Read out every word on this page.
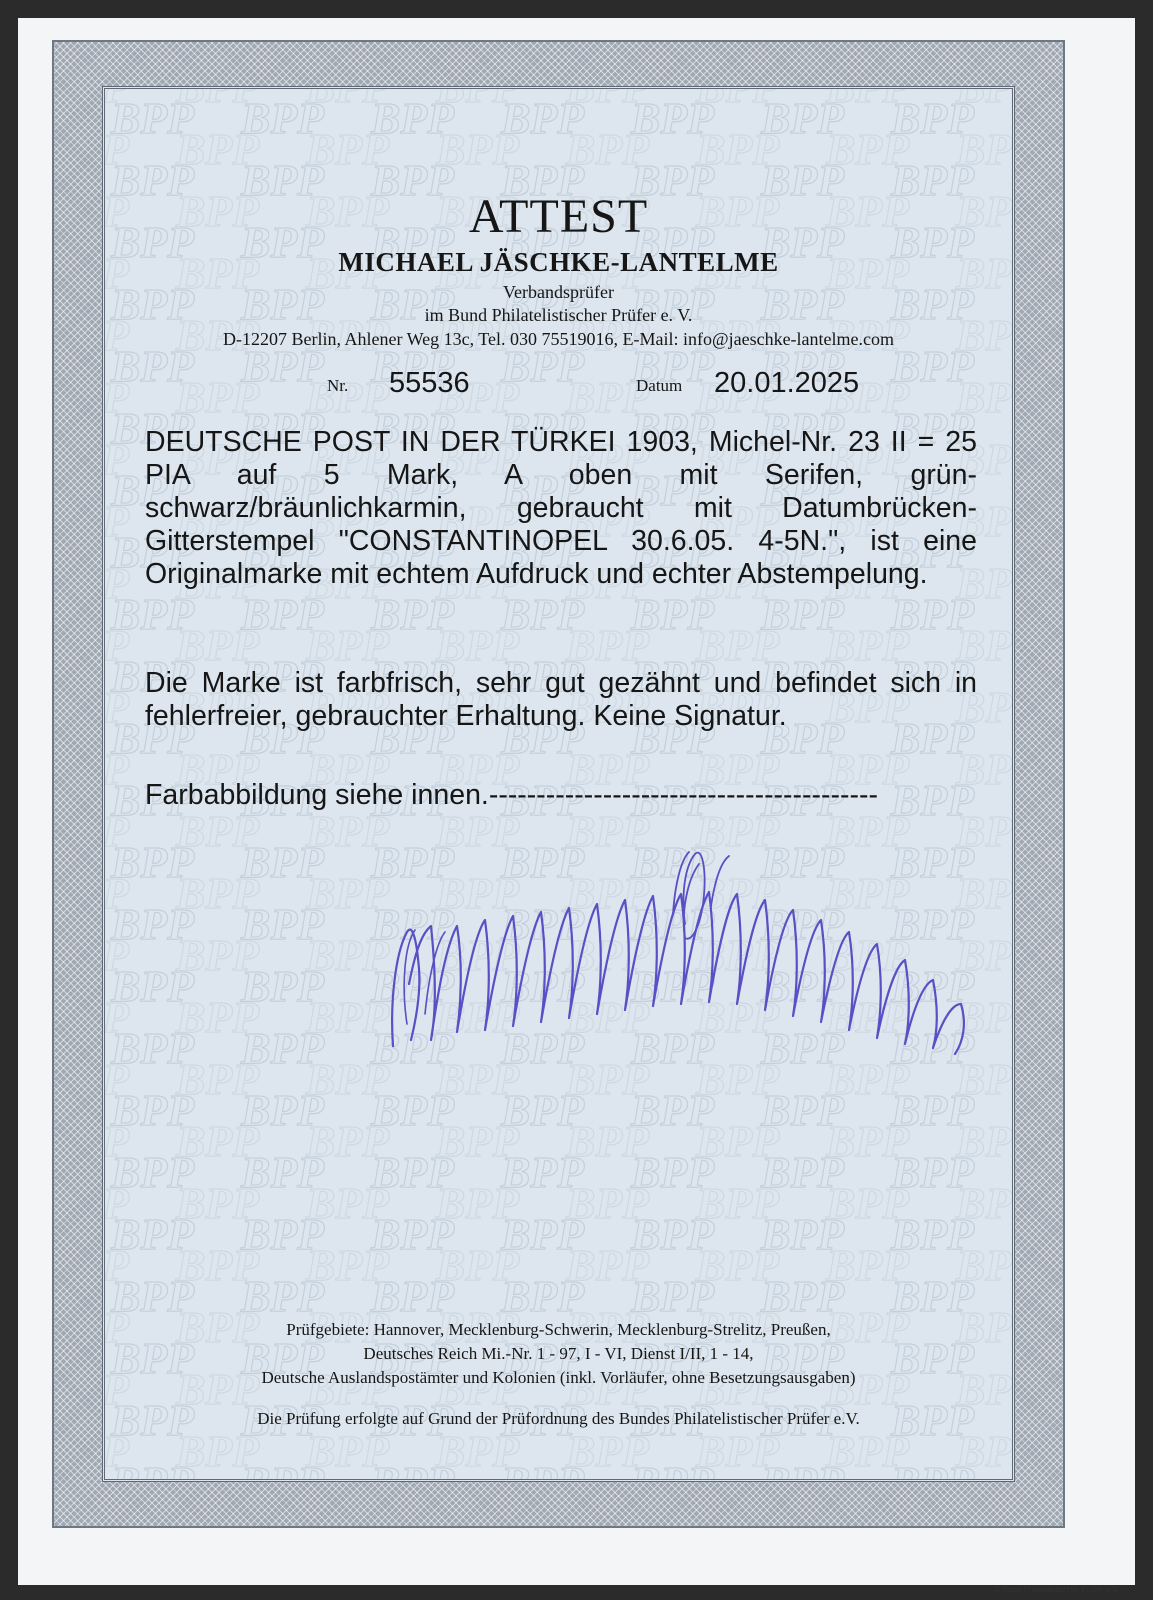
ATTEST
MICHAEL JÄSCHKE-LANTELME
Verbandsprüfer
im Bund Philatelistischer Prüfer e. V.
D-12207 Berlin, Ahlener Weg 13c, Tel. 030 75519016, E-Mail: info@jaeschke-lantelme.com
Nr. 55536	Datum 20.01.2025

DEUTSCHE POST IN DER TÜRKEI 1903, Michel-Nr. 23 II = 25 PIA auf 5 Mark, A oben mit Serifen, grün-schwarz/bräunlichkarmin, gebraucht mit Datumbrücken-Gitterstempel "CONSTANTINOPEL 30.6.05. 4-5N.", ist eine Originalmarke mit echtem Aufdruck und echter Abstempelung.

Die Marke ist farbfrisch, sehr gut gezähnt und befindet sich in fehlerfreier, gebrauchter Erhaltung. Keine Signatur.

Farbabbildung siehe innen.-----------------------------------------

Prüfgebiete: Hannover, Mecklenburg-Schwerin, Mecklenburg-Strelitz, Preußen,
Deutsches Reich Mi.-Nr. 1 - 97, I - VI, Dienst I/II, 1 - 14,
Deutsche Auslandspostämter und Kolonien (inkl. Vorläufer, ohne Besetzungsausgaben)
Die Prüfung erfolgte auf Grund der Prüfordnung des Bundes Philatelistischer Prüfer e.V.
© Bund Philatelistischer Prüfer e.V.
